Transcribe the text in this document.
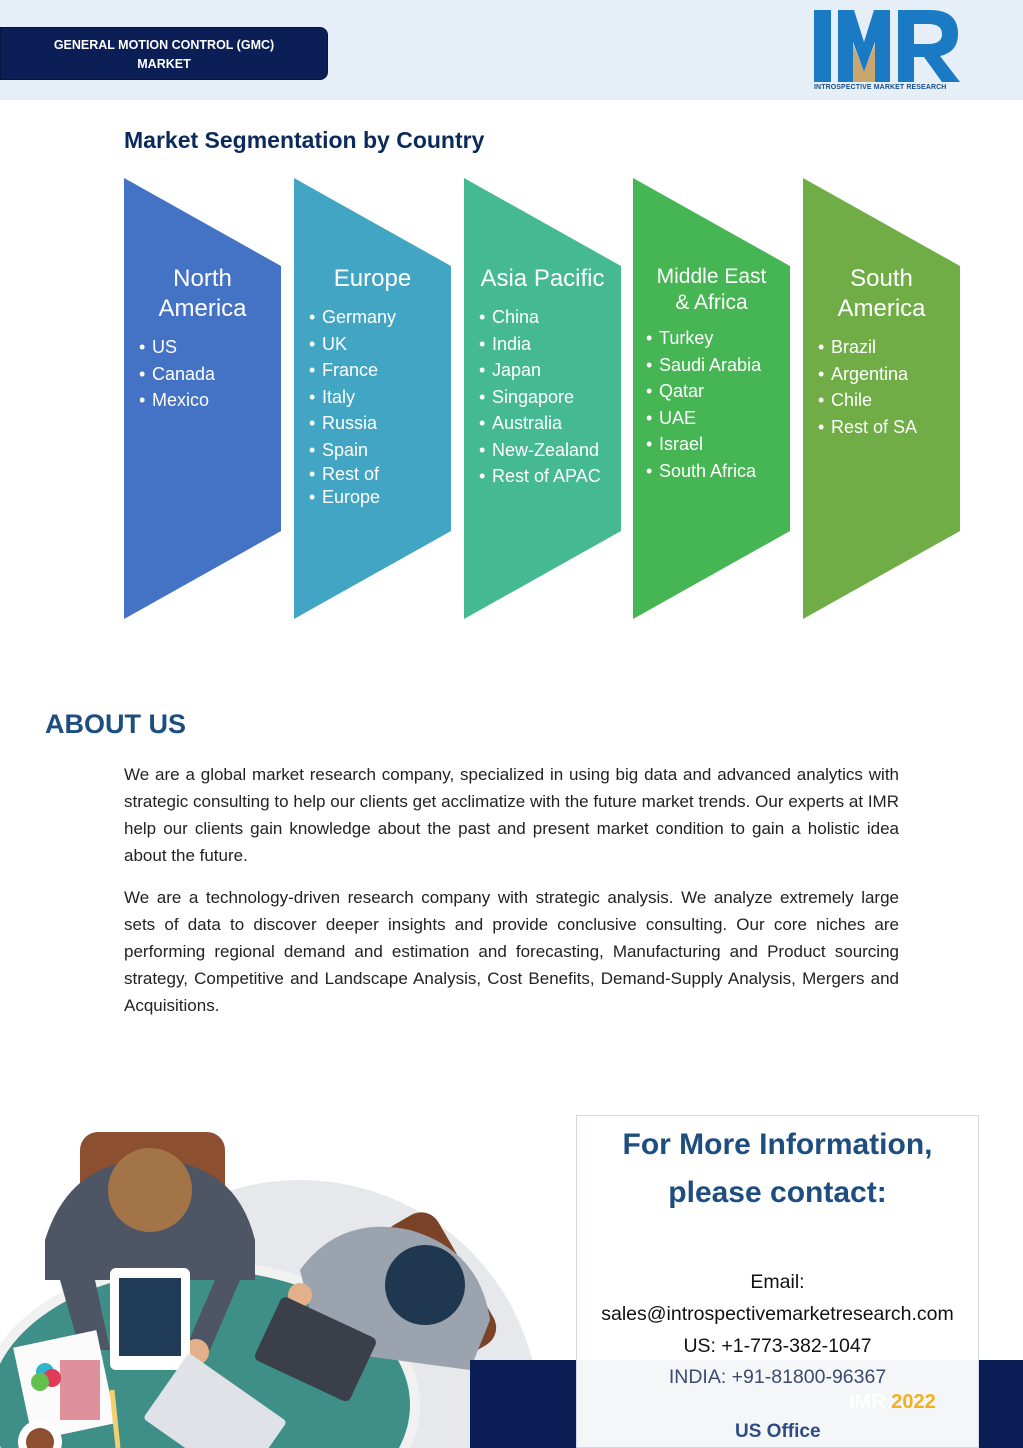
GENERAL MOTION CONTROL (GMC)
MARKET
INTROSPECTIVE MARKET RESEARCH
Market Segmentation by Country
North
America
• US
• Canada
• Mexico
Europe
• Germany
• UK
• France
• Italy
• Russia
• Spain
• Rest of
• Europe
Asia Pacific
• China
• India
• Japan
• Singapore
• Australia
• New-Zealand
• Rest of APAC
Middle East
& Africa
• Turkey
• Saudi Arabia
• Qatar
• UAE
• Israel
• South Africa
South
America
• Brazil
• Argentina
• Chile
• Rest of SA
ABOUT US

We are a global market research company, specialized in using big data and advanced analytics with strategic consulting to help our clients get acclimatize with the future market trends. Our experts at IMR help our clients gain knowledge about the past and present market condition to gain a holistic idea about the future.

We are a technology-driven research company with strategic analysis. We analyze extremely large sets of data to discover deeper insights and provide conclusive consulting. Our core niches are performing regional demand and estimation and forecasting, Manufacturing and Product sourcing strategy, Competitive and Landscape Analysis, Cost Benefits, Demand-Supply Analysis, Mergers and Acquisitions.

For More Information,
please contact:
Email:
sales@introspectivemarketresearch.com
US: +1-773-382-1047
INDIA: +91-81800-96367
IMR 2022
US Office
